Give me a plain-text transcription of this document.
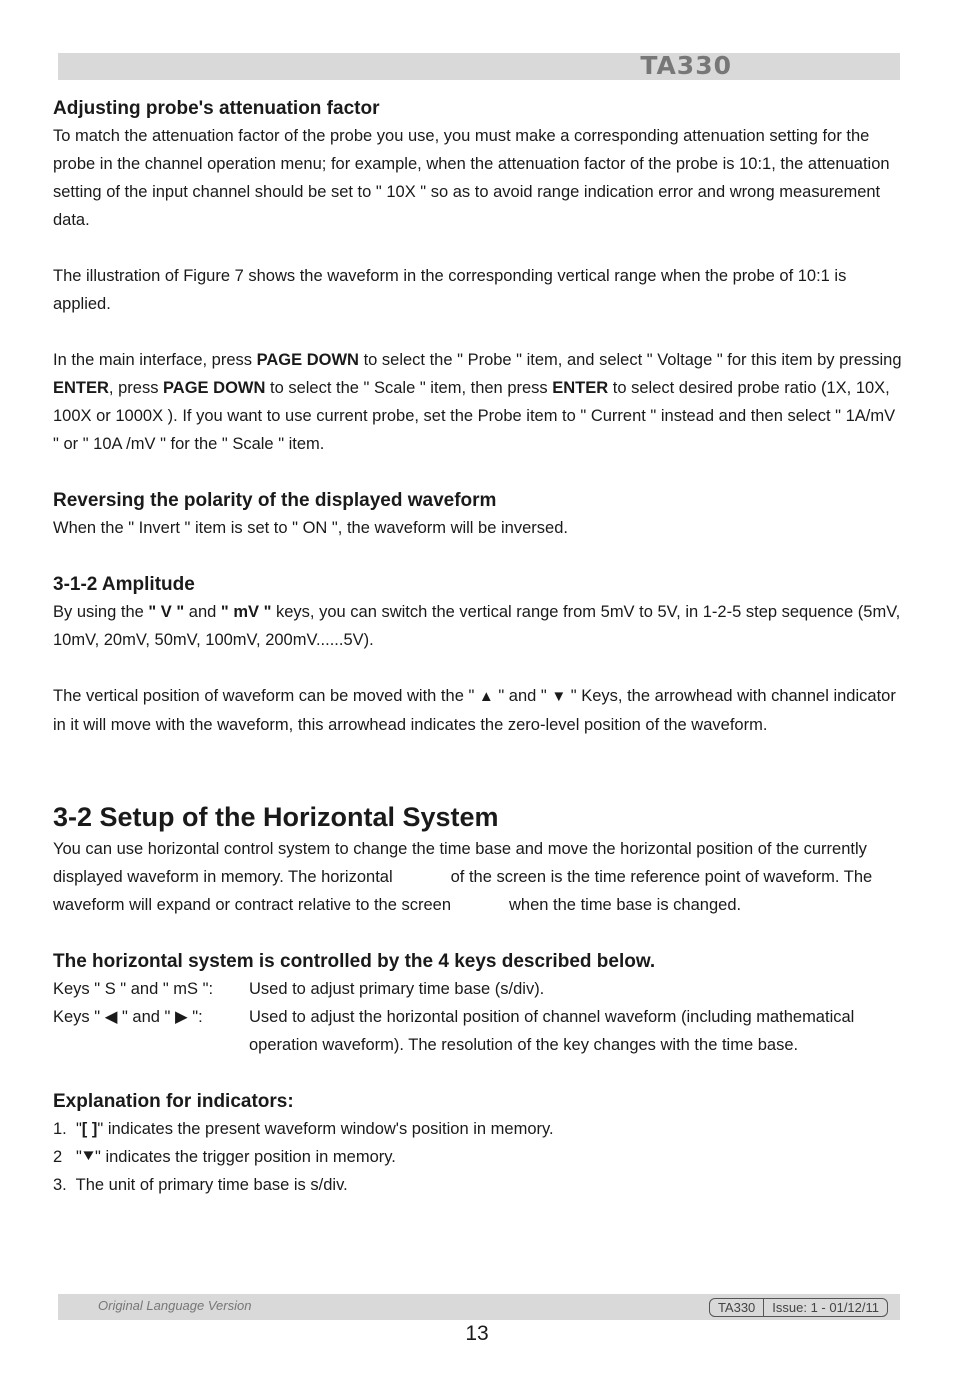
TA330
Adjusting probe's attenuation factor

To match the attenuation factor of the probe you use, you must make a corresponding attenuation setting for the probe in the channel operation menu; for example, when the attenuation factor of the probe is 10:1, the attenuation setting of the input channel should be set to " 10X " so as to avoid range indication error and wrong measurement data.

The illustration of Figure 7 shows the waveform in the corresponding vertical range when the probe of 10:1 is applied.

In the main interface, press PAGE DOWN to select the " Probe " item, and select " Voltage " for this item by pressing ENTER, press PAGE DOWN to select the " Scale " item, then press ENTER to select desired probe ratio (1X, 10X, 100X or 1000X ). If you want to use current probe, set the Probe item to " Current " instead and then select " 1A/mV " or " 10A /mV " for the " Scale " item.

Reversing the polarity of the displayed waveform

When the " Invert " item is set to " ON ", the waveform will be inversed.

3-1-2 Amplitude

By using the " V " and " mV " keys, you can switch the vertical range from 5mV to 5V, in 1-2-5 step sequence (5mV, 10mV, 20mV, 50mV, 100mV, 200mV......5V).

The vertical position of waveform can be moved with the " ▲ " and " ▼ " Keys, the arrowhead with channel indicator in it will move with the waveform, this arrowhead indicates the zero-level position of the waveform.

3-2 Setup of the Horizontal System

You can use horizontal control system to change the time base and move the horizontal position of the currently displayed waveform in memory. The horizontal	of the screen is the time reference point of waveform. The waveform will expand or contract relative to the screen	when the time base is changed.

The horizontal system is controlled by the 4 keys described below.
Keys " S " and " mS ":	Used to adjust primary time base (s/div).
Keys " ◀ " and " ▶ ":	Used to adjust the horizontal position of channel waveform (including mathematical operation waveform). The resolution of the key changes with the time base.
Explanation for indicators:
1. "[ ]" indicates the present waveform window's position in memory.
2 "⯆" indicates the trigger position in memory.
3. The unit of primary time base is s/div.
Original Language Version	TA330	Issue: 1 - 01/12/11
13
